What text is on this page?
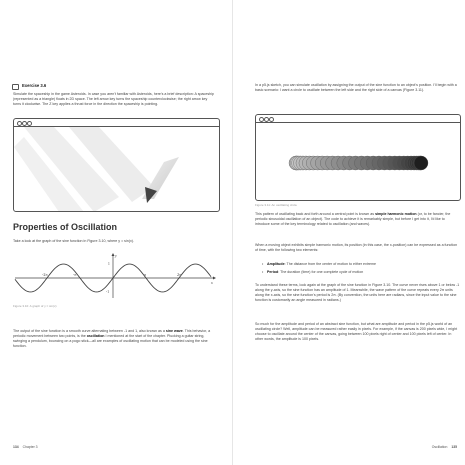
Exercise 3.6

Simulate the spaceship in the game Asteroids. In case you aren't familiar with Asteroids, here's a brief description: A spaceship (represented as a triangle) floats in 2D space. The left arrow key turns the spaceship counterclockwise; the right arrow key turns it clockwise. The Z key applies a thrust force in the direction the spaceship is pointing.

Properties of Oscillation

Take a look at the graph of the sine function in Figure 3.10, where y = sin(x).

y
x
1
-1
-2π	-π	π	2π
Figure 3.10: A graph of y = sin(x)

The output of the sine function is a smooth curve alternating between -1 and 1, also known as a sine wave. This behavior, a periodic movement between two points, is the oscillation I mentioned at the start of the chapter. Plucking a guitar string, swinging a pendulum, bouncing on a pogo stick—all are examples of oscillating motion that can be modeled using the sine function.

134 Chapter 3

In a p5.js sketch, you can simulate oscillation by assigning the output of the sine function to an object's position. I'll begin with a basic scenario: I want a circle to oscillate between the left side and the right side of a canvas (Figure 3.11).

Figure 3.11: An oscillating circle

This pattern of oscillating back and forth around a central point is known as simple harmonic motion (or, to be fancier, the periodic sinusoidal oscillation of an object). The code to achieve it is remarkably simple, but before I get into it, I'd like to introduce some of the key terminology related to oscillation (and waves).

When a moving object exhibits simple harmonic motion, its position (in this case, the x-position) can be expressed as a function of time, with the following two elements:

• Amplitude: The distance from the center of motion to either extreme
• Period: The duration (time) for one complete cycle of motion

To understand these terms, look again at the graph of the sine function in Figure 3.10. The curve never rises above 1 or below -1 along the y-axis, so the sine function has an amplitude of 1. Meanwhile, the wave pattern of the curve repeats every 2π units along the x-axis, so the sine function's period is 2π. (By convention, the units here are radians, since the input value to the sine function is customarily an angle measured in radians.)

So much for the amplitude and period of an abstract sine function, but what are amplitude and period in the p5.js world of an oscillating circle? Well, amplitude can be measured rather easily in pixels. For example, if the canvas is 200 pixels wide, I might choose to oscillate around the center of the canvas, going between 100 pixels right of center and 100 pixels left of center. In other words, the amplitude is 100 pixels.

Oscillation 135
